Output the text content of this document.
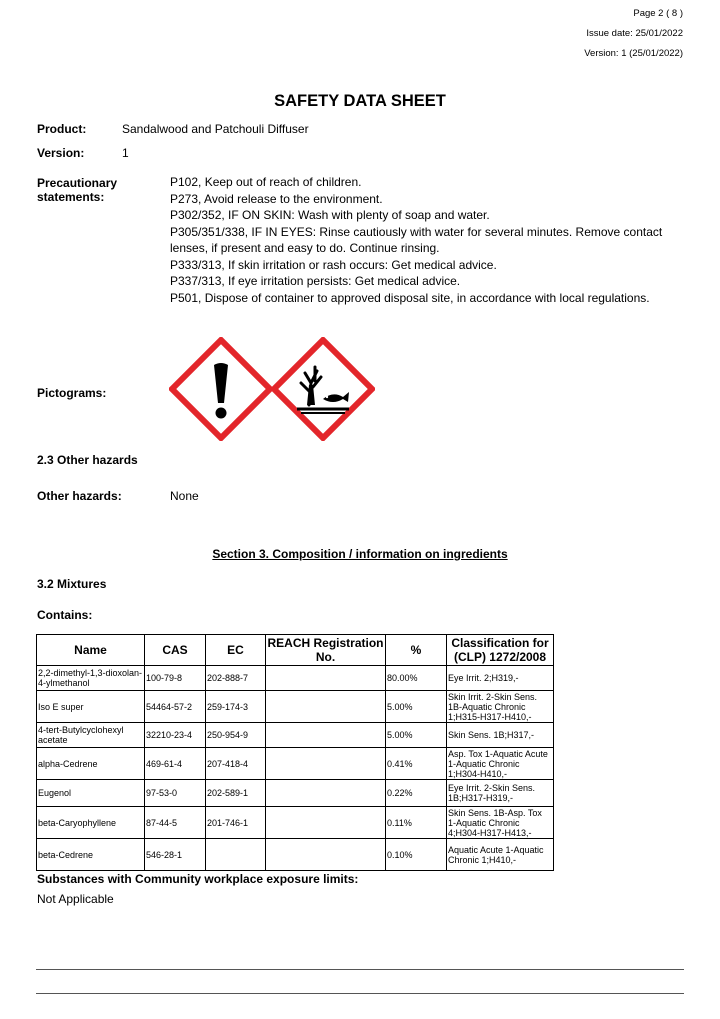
Page 2 ( 8 )
Issue date: 25/01/2022
Version: 1 (25/01/2022)
SAFETY DATA SHEET
Product:	Sandalwood and Patchouli Diffuser
Version:	1
Precautionary
statements:
P102, Keep out of reach of children.
P273, Avoid release to the environment.
P302/352, IF ON SKIN: Wash with plenty of soap and water.
P305/351/338, IF IN EYES: Rinse cautiously with water for several minutes. Remove contact lenses, if present and easy to do. Continue rinsing.
P333/313, If skin irritation or rash occurs: Get medical advice.
P337/313, If eye irritation persists: Get medical advice.
P501, Dispose of container to approved disposal site, in accordance with local regulations.
Pictograms:
2.3 Other hazards
Other hazards:	None
Section 3. Composition / information on ingredients
3.2 Mixtures
Contains:
Name	CAS	EC	REACH Registration No.	%	Classification for (CLP) 1272/2008
2,2-dimethyl-1,3-dioxolan-4-ylmethanol	100-79-8	202-888-7		80.00%	Eye Irrit. 2;H319,-
Iso E super	54464-57-2	259-174-3		5.00%	Skin Irrit. 2-Skin Sens. 1B-Aquatic Chronic 1;H315-H317-H410,-
4-tert-Butylcyclohexyl acetate	32210-23-4	250-954-9		5.00%	Skin Sens. 1B;H317,-
alpha-Cedrene	469-61-4	207-418-4		0.41%	Asp. Tox 1-Aquatic Acute 1-Aquatic Chronic 1;H304-H410,-
Eugenol	97-53-0	202-589-1		0.22%	Eye Irrit. 2-Skin Sens. 1B;H317-H319,-
beta-Caryophyllene	87-44-5	201-746-1		0.11%	Skin Sens. 1B-Asp. Tox 1-Aquatic Chronic 4;H304-H317-H413,-
beta-Cedrene	546-28-1			0.10%	Aquatic Acute 1-Aquatic Chronic 1;H410,-
Substances with Community workplace exposure limits:
Not Applicable
